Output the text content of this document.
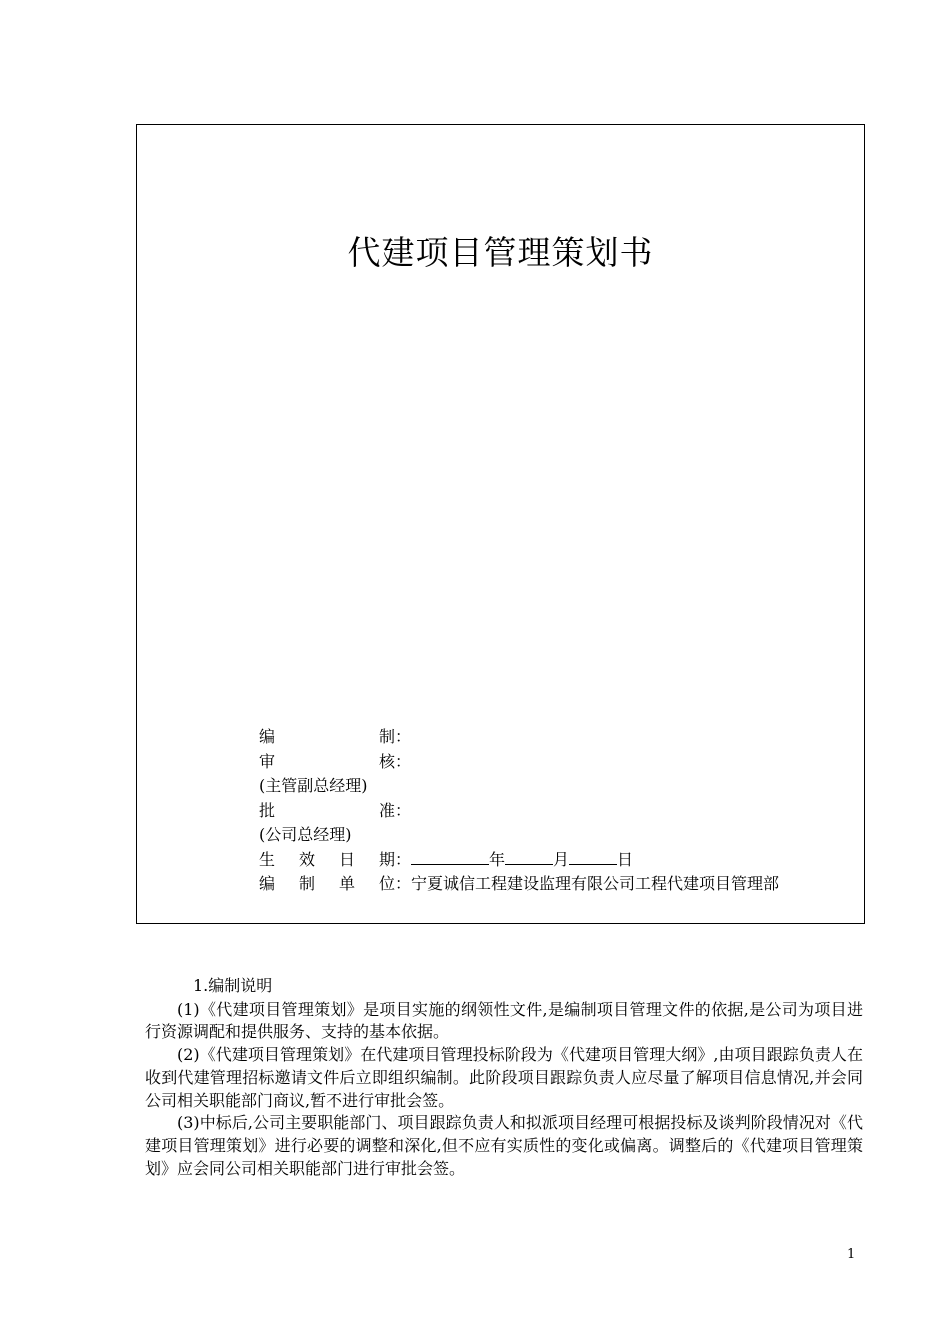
代建项目管理策划书
编	制 ：
审	核 ：
(主管副总经理)
批	准 ：
(公司总经理)
生 效 日 期 ：	年	月	日
编 制 单 位 ：宁夏诚信工程建设监理有限公司工程代建项目管理部

1.编制说明

(1)《代建项目管理策划》是项目实施的纲领性文件,是编制项目管理文件的依据,是公司为项目进行资源调配和提供服务、支持的基本依据。

(2)《代建项目管理策划》在代建项目管理投标阶段为《代建项目管理大纲》,由项目跟踪负责人在收到代建管理招标邀请文件后立即组织编制。此阶段项目跟踪负责人应尽量了解项目信息情况,并会同公司相关职能部门商议,暂不进行审批会签。

(3)中标后,公司主要职能部门、项目跟踪负责人和拟派项目经理可根据投标及谈判阶段情况对《代建项目管理策划》进行必要的调整和深化,但不应有实质性的变化或偏离。调整后的《代建项目管理策划》应会同公司相关职能部门进行审批会签。

1
